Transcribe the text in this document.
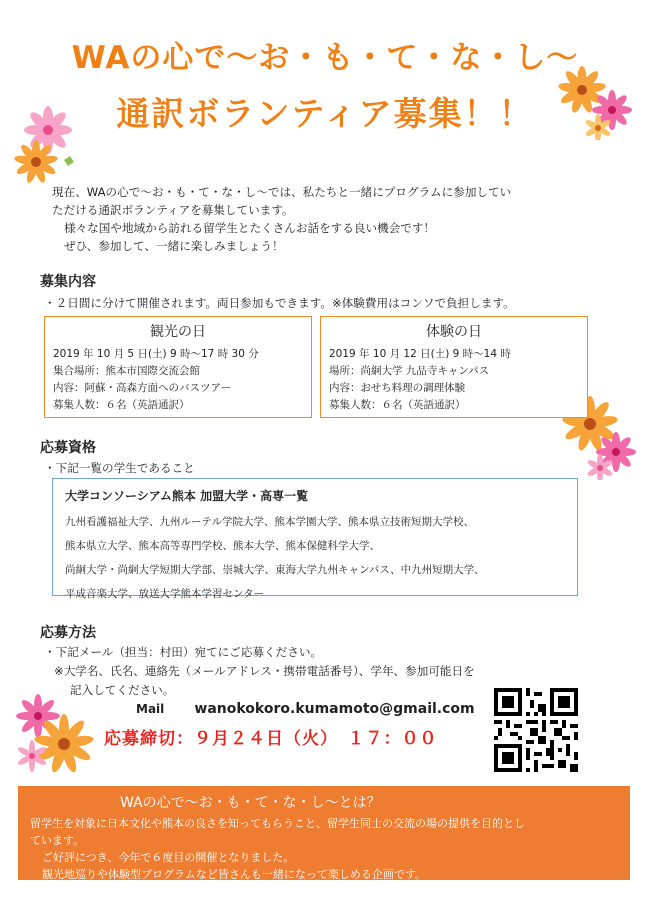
WAの心で～お・も・て・な・し～
通訳ボランティア募集！！

現在、WAの心で～お・も・て・な・し～では、私たちと一緒にプログラムに参加してい

ただける通訳ボランティアを募集しています。

様々な国や地域から訪れる留学生とたくさんお話をする良い機会です！

ぜひ、参加して、一緒に楽しみましょう！

募集内容
・２日間に分けて開催されます。両日参加もできます。※体験費用はコンソで負担します。
観光の日
2019 年 10 月 5 日(土) 9 時～17 時 30 分
集合場所：熊本市国際交流会館
内容：阿蘇・高森方面へのバスツアー
募集人数：６名（英語通訳）
体験の日
2019 年 10 月 12 日(土) 9 時～14 時
場所：尚絅大学 九品寺キャンパス
内容：おせち料理の調理体験
募集人数：６名（英語通訳）
応募資格
・下記一覧の学生であること
大学コンソーシアム熊本 加盟大学・高専一覧
九州看護福祉大学、九州ルーテル学院大学、熊本学園大学、熊本県立技術短期大学校、
熊本県立大学、熊本高等専門学校、熊本大学、熊本保健科学大学、
尚絅大学・尚絅大学短期大学部、崇城大学、東海大学九州キャンパス、中九州短期大学、
平成音楽大学、放送大学熊本学習センター
応募方法
・下記メール（担当：村田）宛てにご応募ください。
※大学名、氏名、連絡先（メールアドレス・携帯電話番号）、学年、参加可能日を
記入してください。
Mail wanokokoro.kumamoto@gmail.com
応募締切：９月２４日（火）　１７：００
WAの心で～お・も・て・な・し～とは？
留学生を対象に日本文化や熊本の良さを知ってもらうこと、留学生同士の交流の場の提供を目的とし
ています。
ご好評につき、今年で６度目の開催となりました。
観光地巡りや体験型プログラムなど皆さんも一緒になって楽しめる企画です。
